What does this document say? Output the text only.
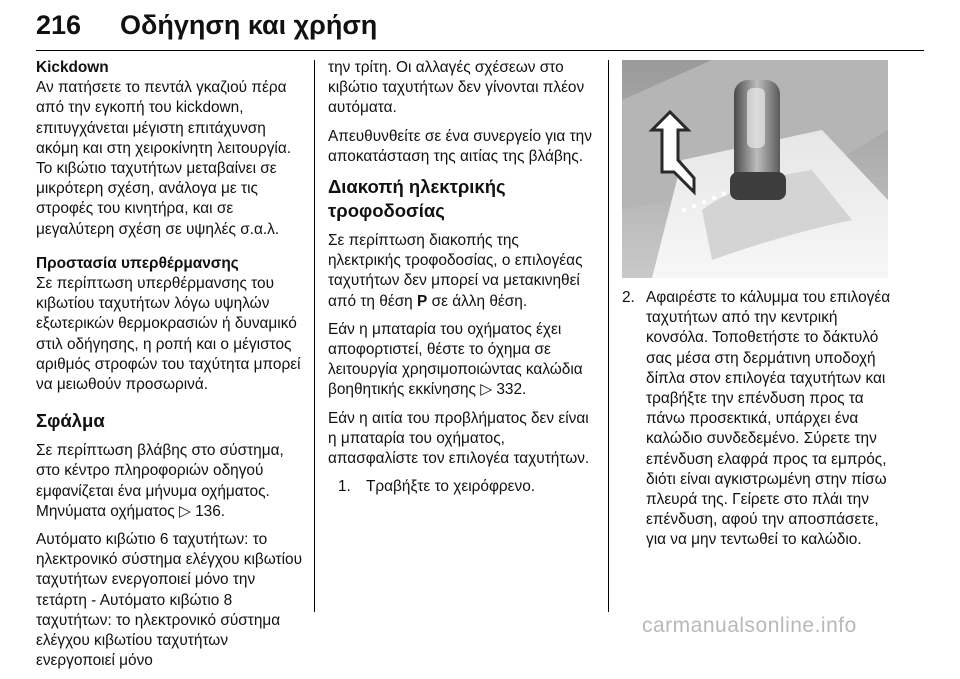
216 Οδήγηση και χρήση
Kickdown

Αν πατήσετε το πεντάλ γκαζιού πέρα από την εγκοπή του kickdown, επιτυγχάνεται μέγιστη επιτάχυνση ακόμη και στη χειροκίνητη λειτουργία. Το κιβώτιο ταχυτήτων μεταβαίνει σε μικρότερη σχέση, ανάλογα με τις στροφές του κινητήρα, και σε μεγαλύτερη σχέση σε υψηλές σ.α.λ.

Προστασία υπερθέρμανσης

Σε περίπτωση υπερθέρμανσης του κιβωτίου ταχυτήτων λόγω υψηλών εξωτερικών θερμοκρασιών ή δυναμικό στιλ οδήγησης, η ροπή και ο μέγιστος αριθμός στροφών του ταχύτητα μπορεί να μειωθούν προσωρινά.

Σφάλμα

Σε περίπτωση βλάβης στο σύστημα, στο κέντρο πληροφοριών οδηγού εμφανίζεται ένα μήνυμα οχήματος. Μηνύματα οχήματος ▷ 136.

Αυτόματο κιβώτιο 6 ταχυτήτων: το ηλεκτρονικό σύστημα ελέγχου κιβωτίου ταχυτήτων ενεργοποιεί μόνο την τετάρτη - Αυτόματο κιβώτιο 8 ταχυτήτων: το ηλεκτρονικό σύστημα ελέγχου κιβωτίου ταχυτήτων ενεργοποιεί μόνο

την τρίτη. Οι αλλαγές σχέσεων στο κιβώτιο ταχυτήτων δεν γίνονται πλέον αυτόματα.

Απευθυνθείτε σε ένα συνεργείο για την αποκατάσταση της αιτίας της βλάβης.

Διακοπή ηλεκτρικής τροφοδοσίας

Σε περίπτωση διακοπής της ηλεκτρικής τροφοδοσίας, ο επιλογέας ταχυτήτων δεν μπορεί να μετακινηθεί από τη θέση P σε άλλη θέση.

Εάν η μπαταρία του οχήματος έχει αποφορτιστεί, θέστε το όχημα σε λειτουργία χρησιμοποιώντας καλώδια βοηθητικής εκκίνησης ▷ 332.

Εάν η αιτία του προβλήματος δεν είναι η μπαταρία του οχήματος, απασφαλίστε τον επιλογέα ταχυτήτων.

1. Τραβήξτε το χειρόφρενο.
2. Αφαιρέστε το κάλυμμα του επιλογέα ταχυτήτων από την κεντρική κονσόλα. Τοποθετήστε το δάκτυλό σας μέσα στη δερμάτινη υποδοχή δίπλα στον επιλογέα ταχυτήτων και τραβήξτε την επένδυση προς τα πάνω προσεκτικά, υπάρχει ένα καλώδιο συνδεδεμένο. Σύρετε την επένδυση ελαφρά προς τα εμπρός, διότι είναι αγκιστρωμένη στην πίσω πλευρά της. Γείρετε στο πλάι την επένδυση, αφού την αποσπάσετε, για να μην τεντωθεί το καλώδιο.
carmanualsonline.info
